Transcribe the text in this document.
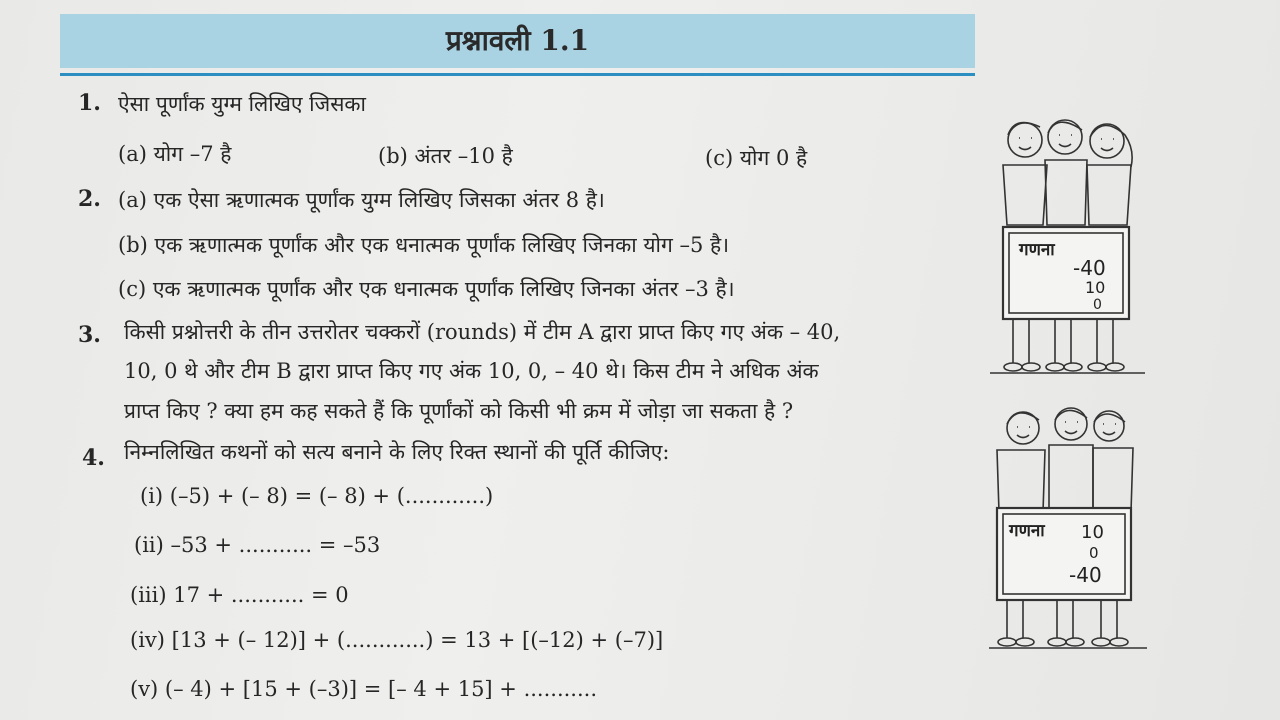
प्रश्नावली 1.1
1. ऐसा पूर्णांक युग्म लिखिए जिसका
(a) योग –7 है	(b) अंतर –10 है	(c) योग 0 है
2. (a) एक ऐसा ऋणात्मक पूर्णांक युग्म लिखिए जिसका अंतर 8 है।
(b) एक ऋणात्मक पूर्णांक और एक धनात्मक पूर्णांक लिखिए जिनका योग –5 है।
(c) एक ऋणात्मक पूर्णांक और एक धनात्मक पूर्णांक लिखिए जिनका अंतर –3 है।
3. किसी प्रश्नोत्तरी के तीन उत्तरोतर चक्करों (rounds) में टीम A द्वारा प्राप्त किए गए अंक – 40,
10, 0 थे और टीम B द्वारा प्राप्त किए गए अंक 10, 0, – 40 थे। किस टीम ने अधिक अंक
प्राप्त किए ? क्या हम कह सकते हैं कि पूर्णांकों को किसी भी क्रम में जोड़ा जा सकता है ?
4. निम्नलिखित कथनों को सत्य बनाने के लिए रिक्त स्थानों की पूर्ति कीजिए:
(i) (–5) + (– 8) = (– 8) + (............)
(ii) –53 + ........... = –53
(iii) 17 + ........... = 0
(iv) [13 + (– 12)] + (............) = 13 + [(–12) + (–7)]
(v) (– 4) + [15 + (–3)] = [– 4 + 15] + ...........
गणना
-40
10
0
गणना 10
0
-40
